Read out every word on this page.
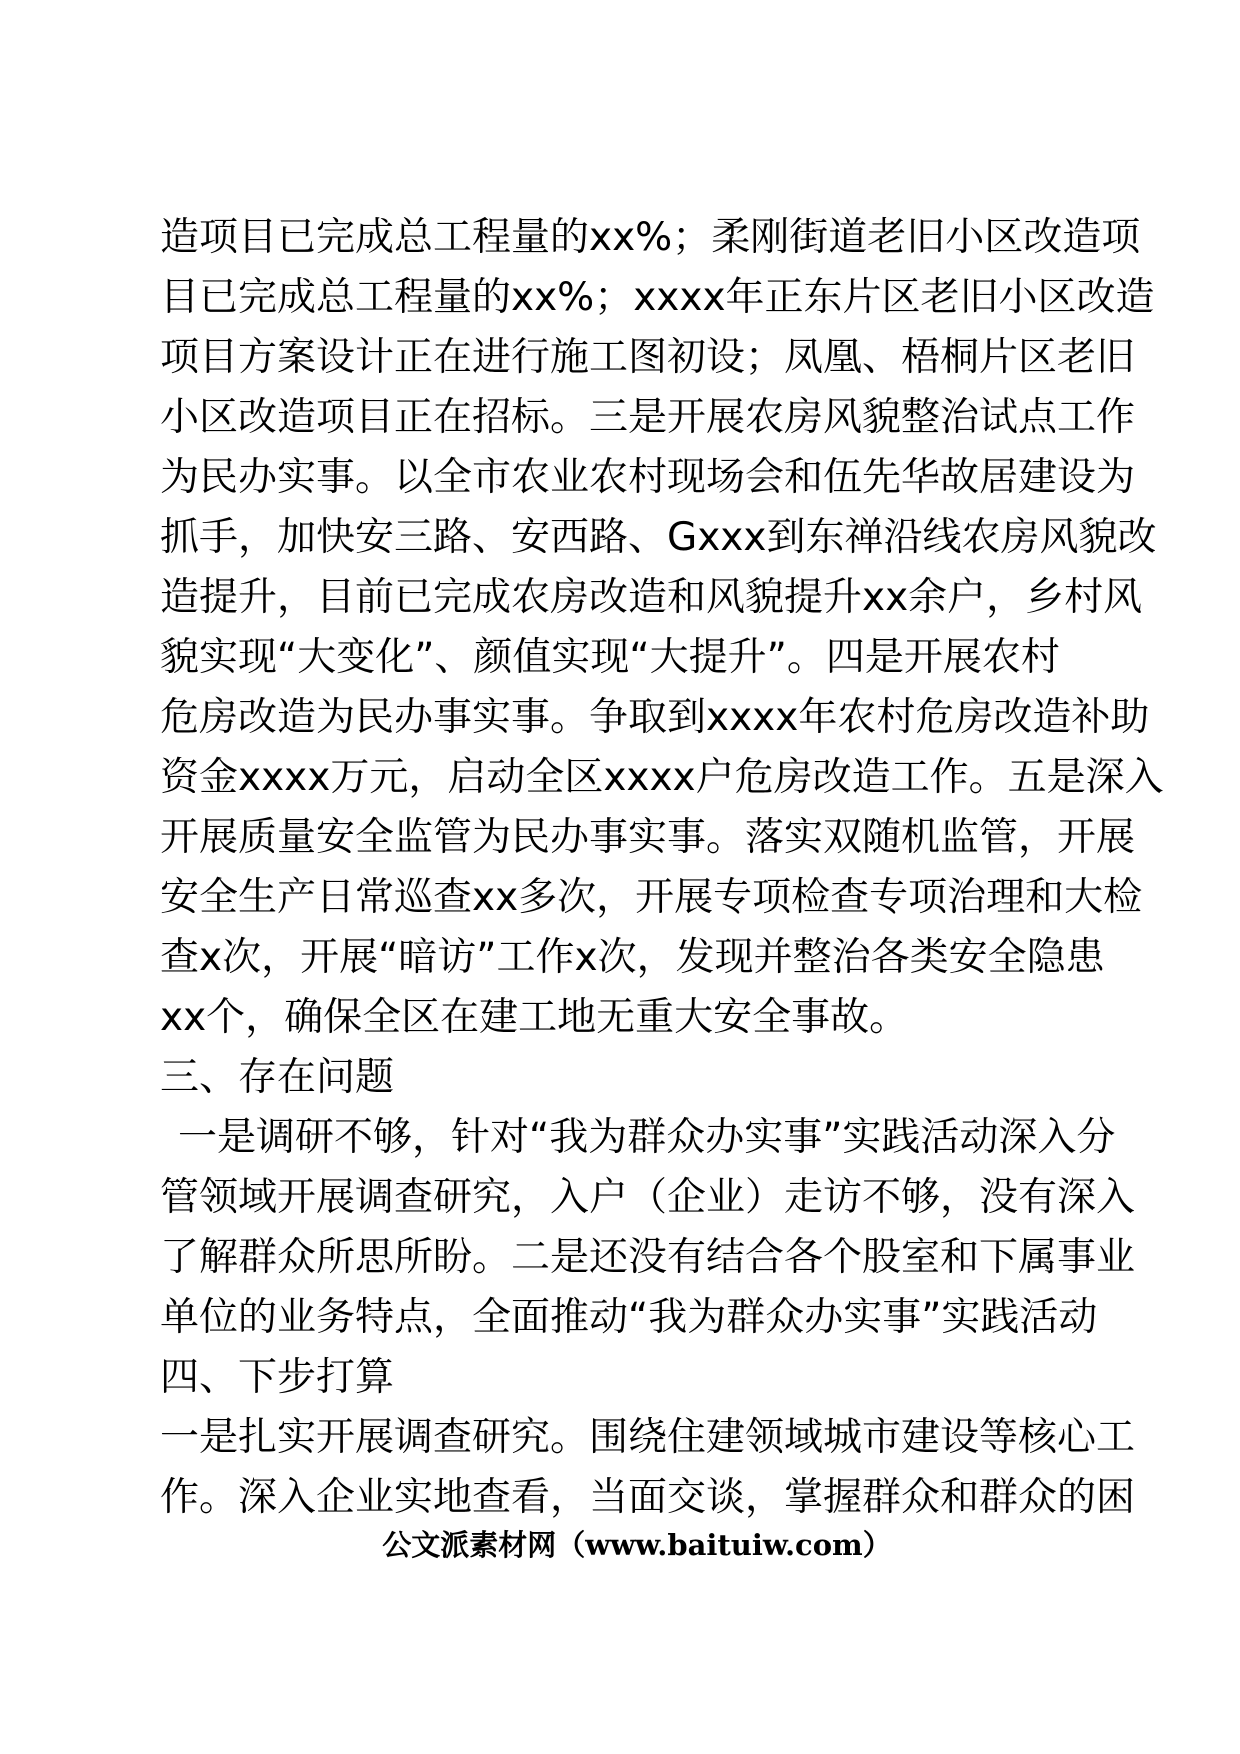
造项目已完成总工程量的xx%；柔刚街道老旧小区改造项
目已完成总工程量的xx%；xxxx年正东片区老旧小区改造
项目方案设计正在进行施工图初设；凤凰、梧桐片区老旧
小区改造项目正在招标。三是开展农房风貌整治试点工作
为民办实事。以全市农业农村现场会和伍先华故居建设为
抓手，加快安三路、安西路、Gxxx到东禅沿线农房风貌改
造提升，目前已完成农房改造和风貌提升xx余户，乡村风
貌实现“大变化”、颜值实现“大提升”。四是开展农村
危房改造为民办事实事。争取到xxxx年农村危房改造补助
资金xxxx万元，启动全区xxxx户危房改造工作。五是深入
开展质量安全监管为民办事实事。落实双随机监管，开展
安全生产日常巡查xx多次，开展专项检查专项治理和大检
查x次，开展“暗访”工作x次，发现并整治各类安全隐患
xx个，确保全区在建工地无重大安全事故。
三、存在问题
一是调研不够，针对“我为群众办实事”实践活动深入分
管领域开展调查研究，入户（企业）走访不够，没有深入
了解群众所思所盼。二是还没有结合各个股室和下属事业
单位的业务特点，全面推动“我为群众办实事”实践活动
四、下步打算
一是扎实开展调查研究。围绕住建领域城市建设等核心工
作。深入企业实地查看，当面交谈，掌握群众和群众的困
公文派素材网（www.baituiw.com）
